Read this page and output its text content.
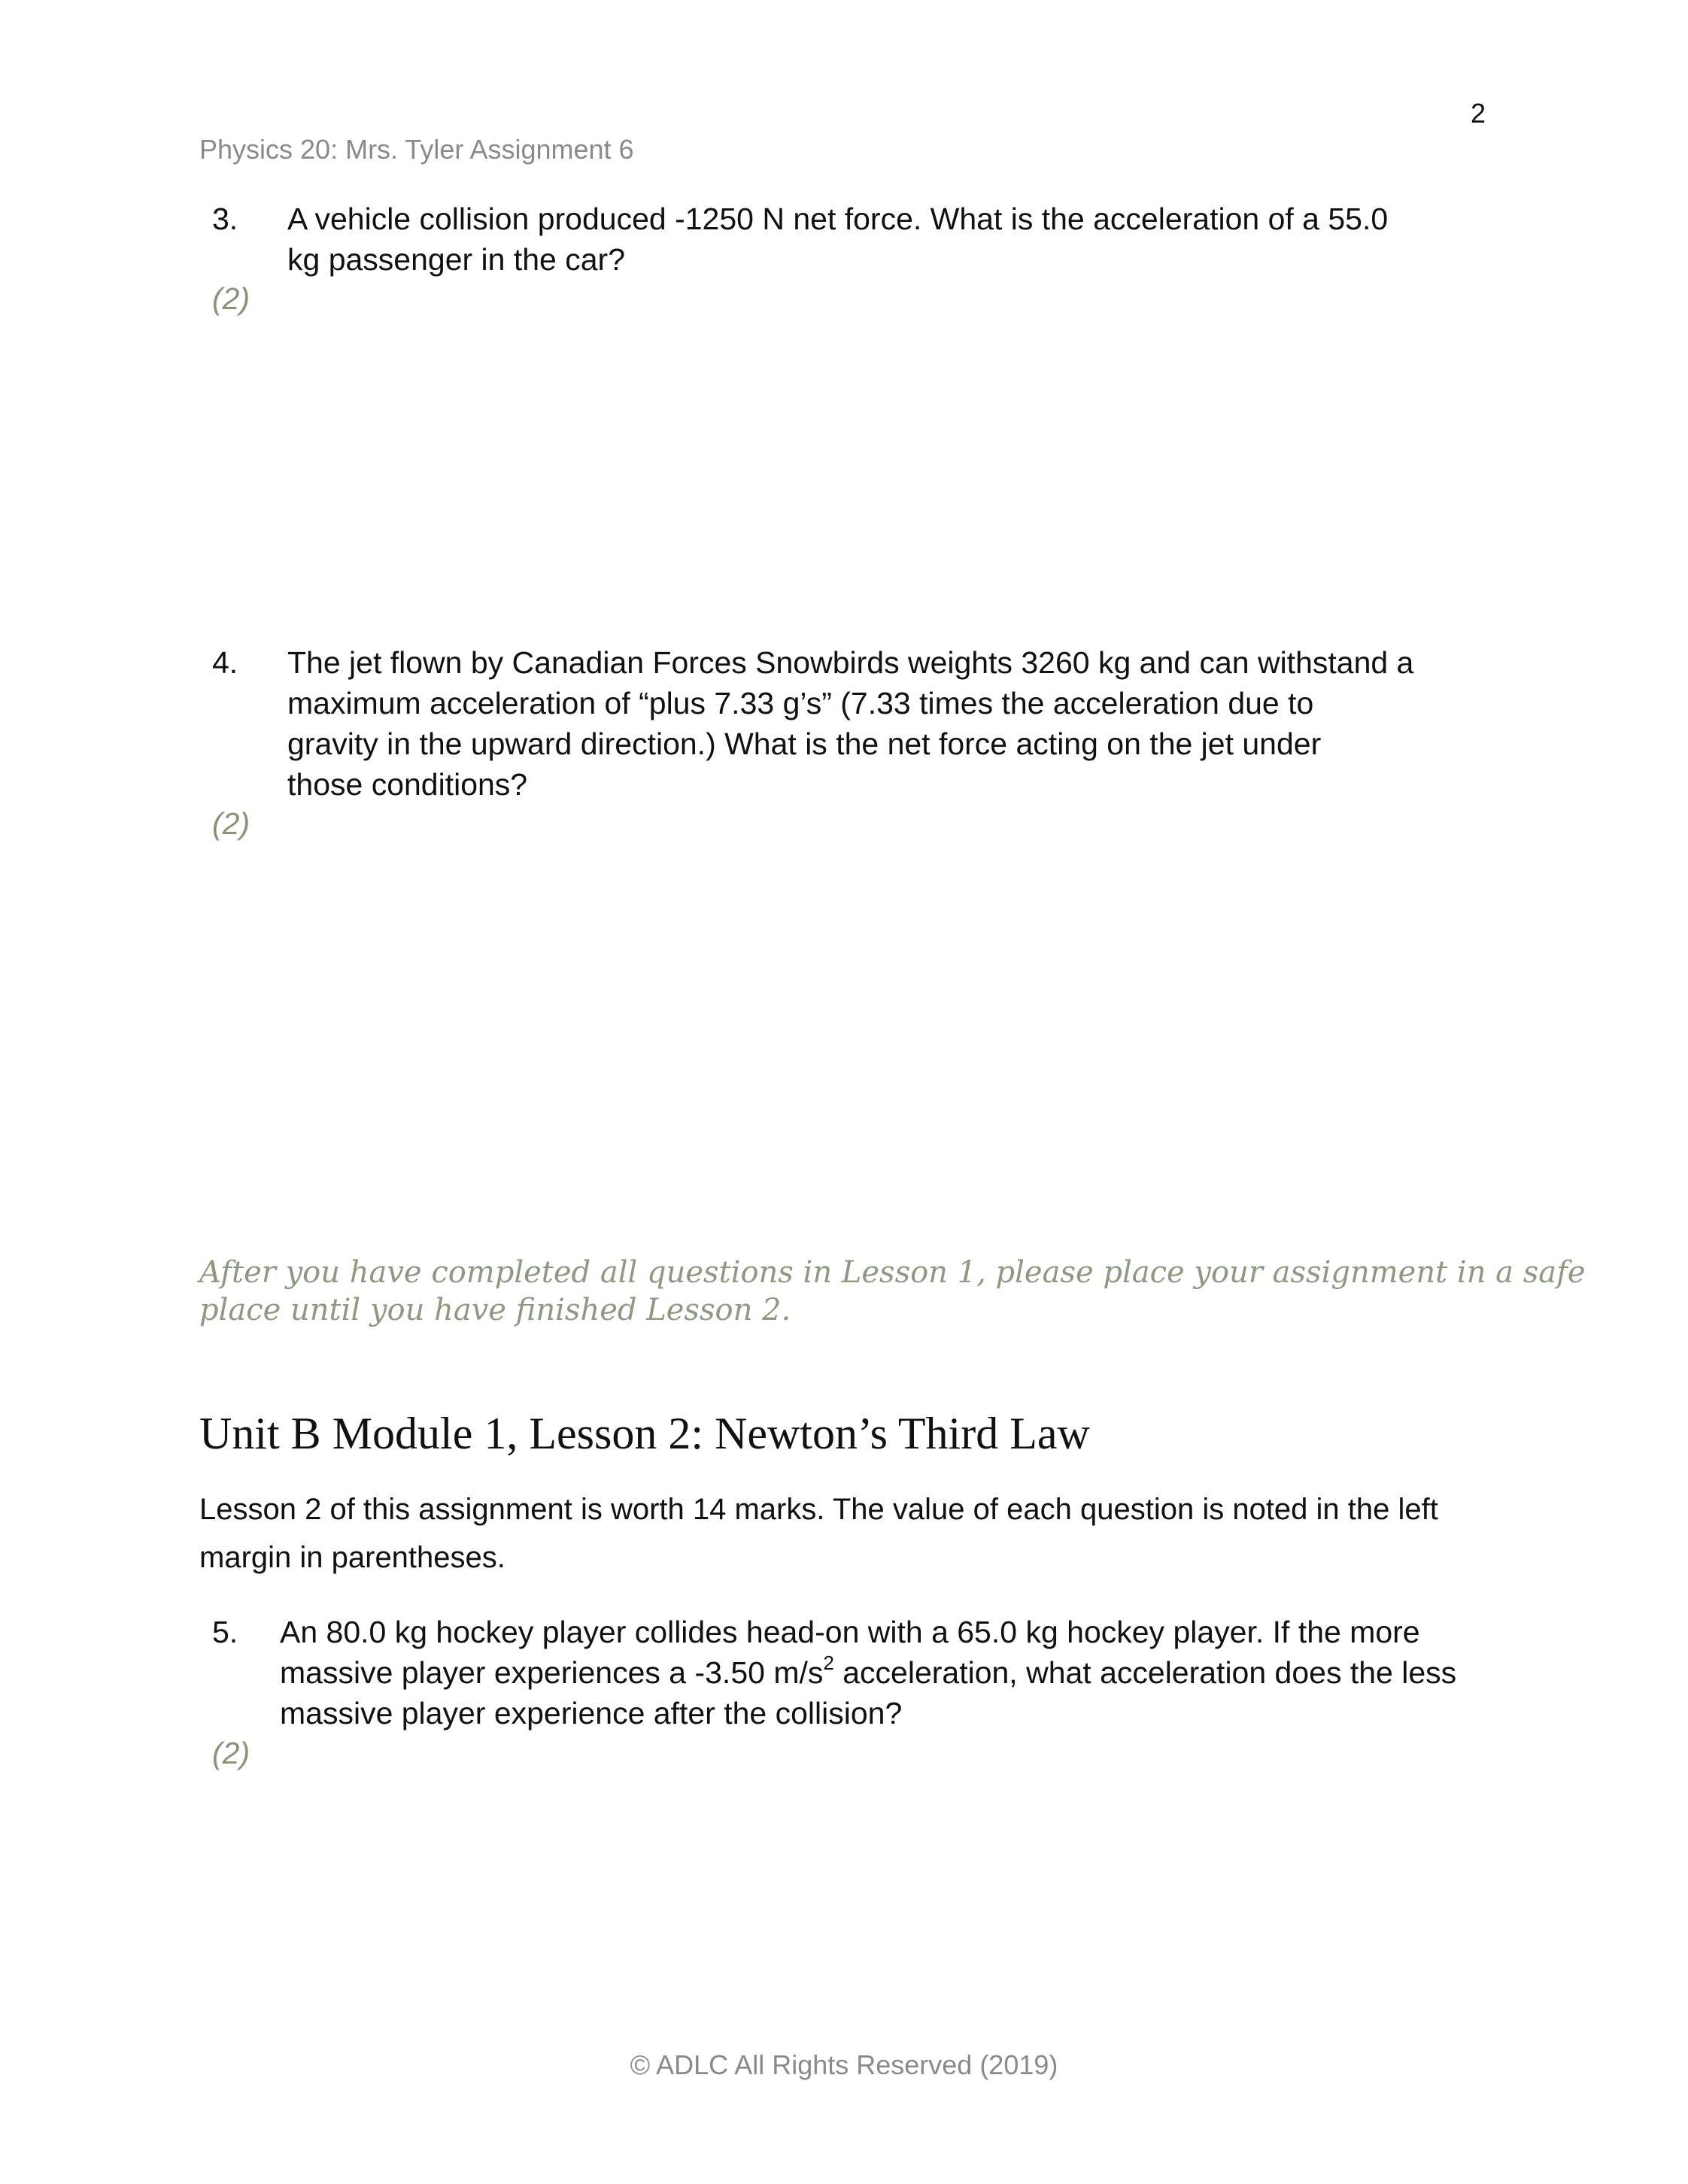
2
Physics 20: Mrs. Tyler Assignment 6
3. A vehicle collision produced -1250 N net force. What is the acceleration of a 55.0
kg passenger in the car?
(2)
4. The jet flown by Canadian Forces Snowbirds weights 3260 kg and can withstand a
maximum acceleration of “plus 7.33 g’s” (7.33 times the acceleration due to
gravity in the upward direction.) What is the net force acting on the jet under
those conditions?
(2)
After you have completed all questions in Lesson 1, please place your assignment in a safe
place until you have finished Lesson 2.
Unit B Module 1, Lesson 2: Newton’s Third Law
Lesson 2 of this assignment is worth 14 marks. The value of each question is noted in the left
margin in parentheses.
5. An 80.0 kg hockey player collides head-on with a 65.0 kg hockey player. If the more
massive player experiences a -3.50 $m/s^2$ acceleration, what acceleration does the less
massive player experience after the collision?
(2)
© ADLC All Rights Reserved (2019)
